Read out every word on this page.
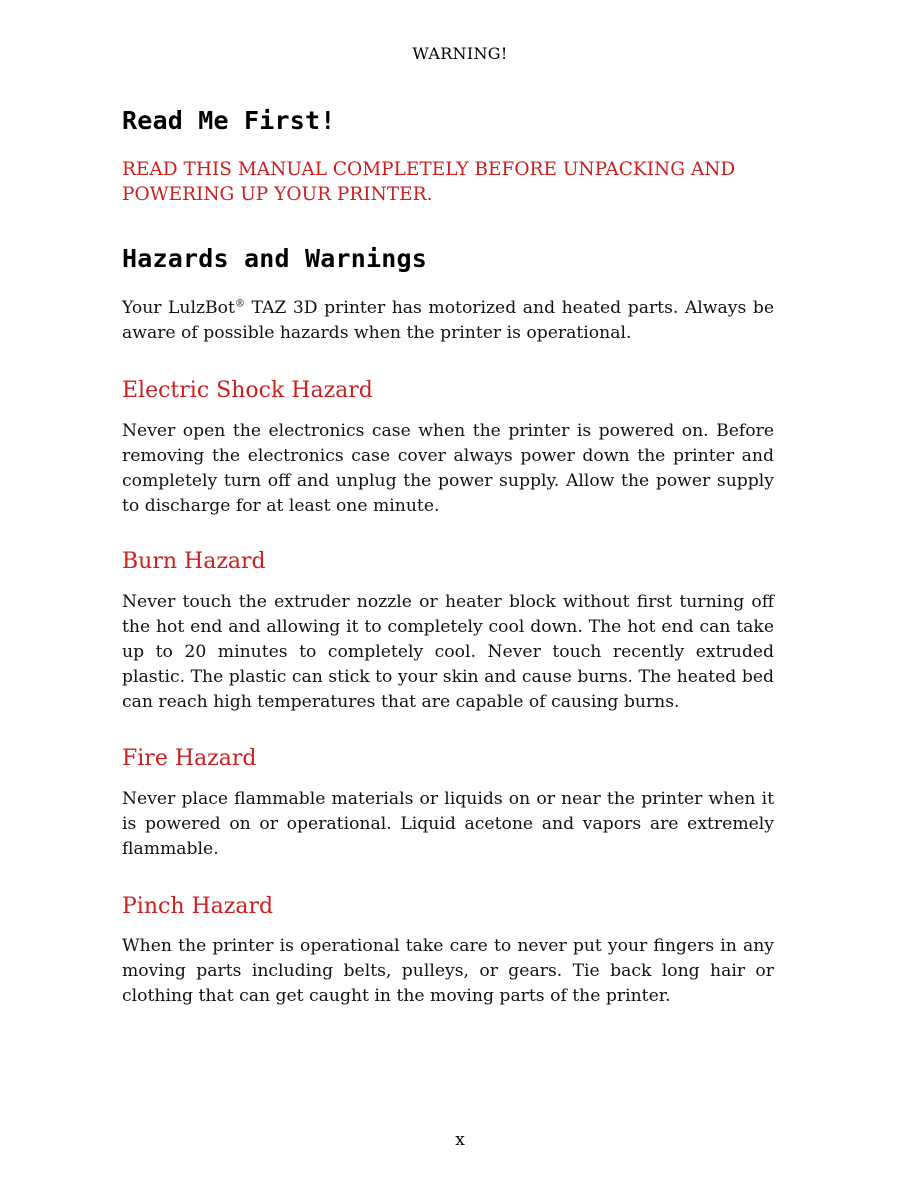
WARNING!
Read Me First!

READ THIS MANUAL COMPLETELY BEFORE UNPACKING AND POWERING UP YOUR PRINTER.

Hazards and Warnings

Your LulzBot® TAZ 3D printer has motorized and heated parts. Always be aware of possible hazards when the printer is operational.

Electric Shock Hazard

Never open the electronics case when the printer is powered on. Before removing the electronics case cover always power down the printer and completely turn off and unplug the power supply. Allow the power supply to discharge for at least one minute.

Burn Hazard

Never touch the extruder nozzle or heater block without first turning off the hot end and allowing it to completely cool down. The hot end can take up to 20 minutes to completely cool. Never touch recently extruded plastic. The plastic can stick to your skin and cause burns. The heated bed can reach high temperatures that are capable of causing burns.

Fire Hazard

Never place flammable materials or liquids on or near the printer when it is powered on or operational. Liquid acetone and vapors are extremely flammable.

Pinch Hazard

When the printer is operational take care to never put your fingers in any moving parts including belts, pulleys, or gears. Tie back long hair or clothing that can get caught in the moving parts of the printer.

x
